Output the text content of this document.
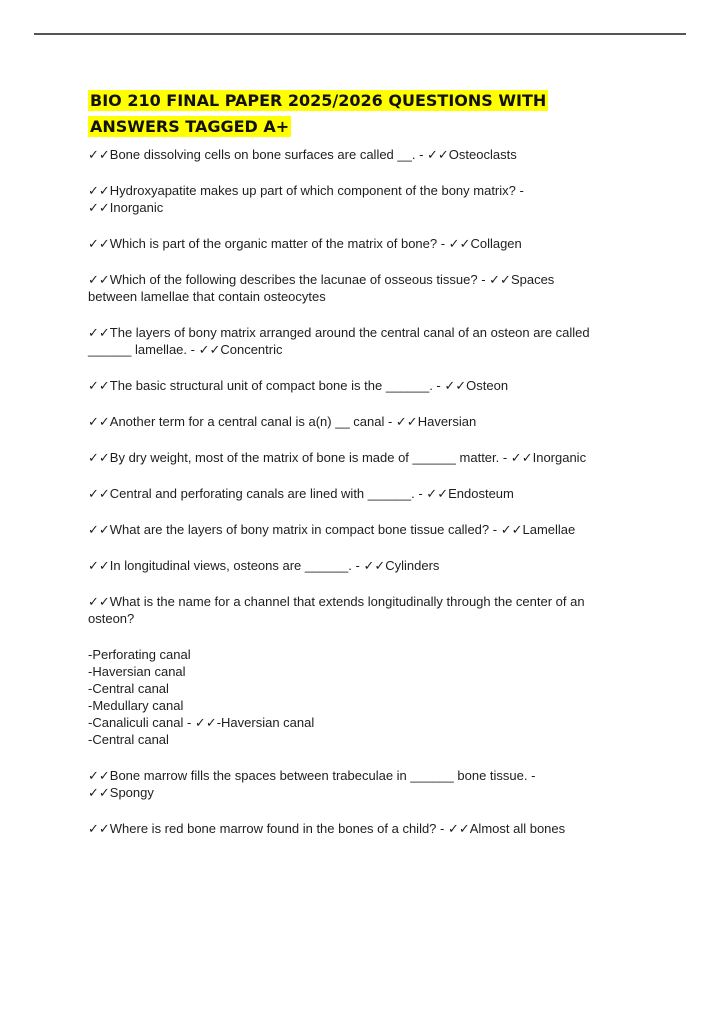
BIO 210 FINAL PAPER 2025/2026 QUESTIONS WITH
ANSWERS TAGGED A+

✓✓Bone dissolving cells on bone surfaces are called __. - ✓✓Osteoclasts

✓✓Hydroxyapatite makes up part of which component of the bony matrix? -
✓✓Inorganic

✓✓Which is part of the organic matter of the matrix of bone? - ✓✓Collagen

✓✓Which of the following describes the lacunae of osseous tissue? - ✓✓Spaces
between lamellae that contain osteocytes

✓✓The layers of bony matrix arranged around the central canal of an osteon are called
______ lamellae. - ✓✓Concentric

✓✓The basic structural unit of compact bone is the ______. - ✓✓Osteon

✓✓Another term for a central canal is a(n) __ canal - ✓✓Haversian

✓✓By dry weight, most of the matrix of bone is made of ______ matter. - ✓✓Inorganic

✓✓Central and perforating canals are lined with ______. - ✓✓Endosteum

✓✓What are the layers of bony matrix in compact bone tissue called? - ✓✓Lamellae

✓✓In longitudinal views, osteons are ______. - ✓✓Cylinders

✓✓What is the name for a channel that extends longitudinally through the center of an
osteon?

-Perforating canal
-Haversian canal
-Central canal
-Medullary canal
-Canaliculi canal - ✓✓-Haversian canal
-Central canal

✓✓Bone marrow fills the spaces between trabeculae in ______ bone tissue. -
✓✓Spongy

✓✓Where is red bone marrow found in the bones of a child? - ✓✓Almost all bones
